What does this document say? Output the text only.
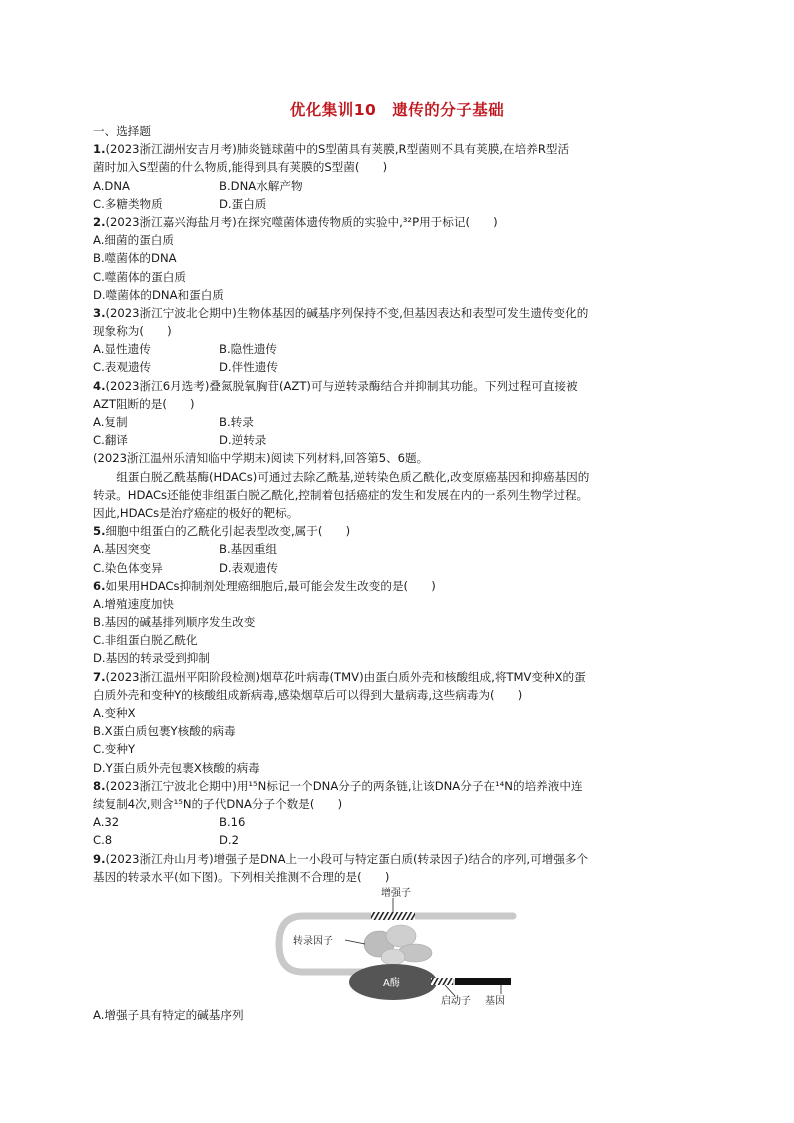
优化集训10　遗传的分子基础
一、选择题
1.(2023浙江湖州安吉月考)肺炎链球菌中的S型菌具有荚膜,R型菌则不具有荚膜,在培养R型活
菌时加入S型菌的什么物质,能得到具有荚膜的S型菌(　　)
A.DNA	B.DNA水解产物
C.多糖类物质	D.蛋白质
2.(2023浙江嘉兴海盐月考)在探究噬菌体遗传物质的实验中,³²P用于标记(　　)
A.细菌的蛋白质
B.噬菌体的DNA
C.噬菌体的蛋白质
D.噬菌体的DNA和蛋白质
3.(2023浙江宁波北仑期中)生物体基因的碱基序列保持不变,但基因表达和表型可发生遗传变化的
现象称为(　　)
A.显性遗传	B.隐性遗传
C.表观遗传	D.伴性遗传
4.(2023浙江6月选考)叠氮脱氧胸苷(AZT)可与逆转录酶结合并抑制其功能。下列过程可直接被
AZT阻断的是(　　)
A.复制	B.转录
C.翻译	D.逆转录
(2023浙江温州乐清知临中学期末)阅读下列材料,回答第5、6题。
组蛋白脱乙酰基酶(HDACs)可通过去除乙酰基,逆转染色质乙酰化,改变原癌基因和抑癌基因的
转录。HDACs还能使非组蛋白脱乙酰化,控制着包括癌症的发生和发展在内的一系列生物学过程。
因此,HDACs是治疗癌症的极好的靶标。
5.细胞中组蛋白的乙酰化引起表型改变,属于(　　)
A.基因突变	B.基因重组
C.染色体变异	D.表观遗传
6.如果用HDACs抑制剂处理癌细胞后,最可能会发生改变的是(　　)
A.增殖速度加快
B.基因的碱基排列顺序发生改变
C.非组蛋白脱乙酰化
D.基因的转录受到抑制
7.(2023浙江温州平阳阶段检测)烟草花叶病毒(TMV)由蛋白质外壳和核酸组成,将TMV变种X的蛋
白质外壳和变种Y的核酸组成新病毒,感染烟草后可以得到大量病毒,这些病毒为(　　)
A.变种X
B.X蛋白质包裹Y核酸的病毒
C.变种Y
D.Y蛋白质外壳包裹X核酸的病毒
8.(2023浙江宁波北仑期中)用¹⁵N标记一个DNA分子的两条链,让该DNA分子在¹⁴N的培养液中连
续复制4次,则含¹⁵N的子代DNA分子个数是(　　)
A.32	B.16
C.8	D.2
9.(2023浙江舟山月考)增强子是DNA上一小段可与特定蛋白质(转录因子)结合的序列,可增强多个
基因的转录水平(如下图)。下列相关推测不合理的是(　　)
增强子
转录因子
A酶
启动子 基因
A.增强子具有特定的碱基序列
